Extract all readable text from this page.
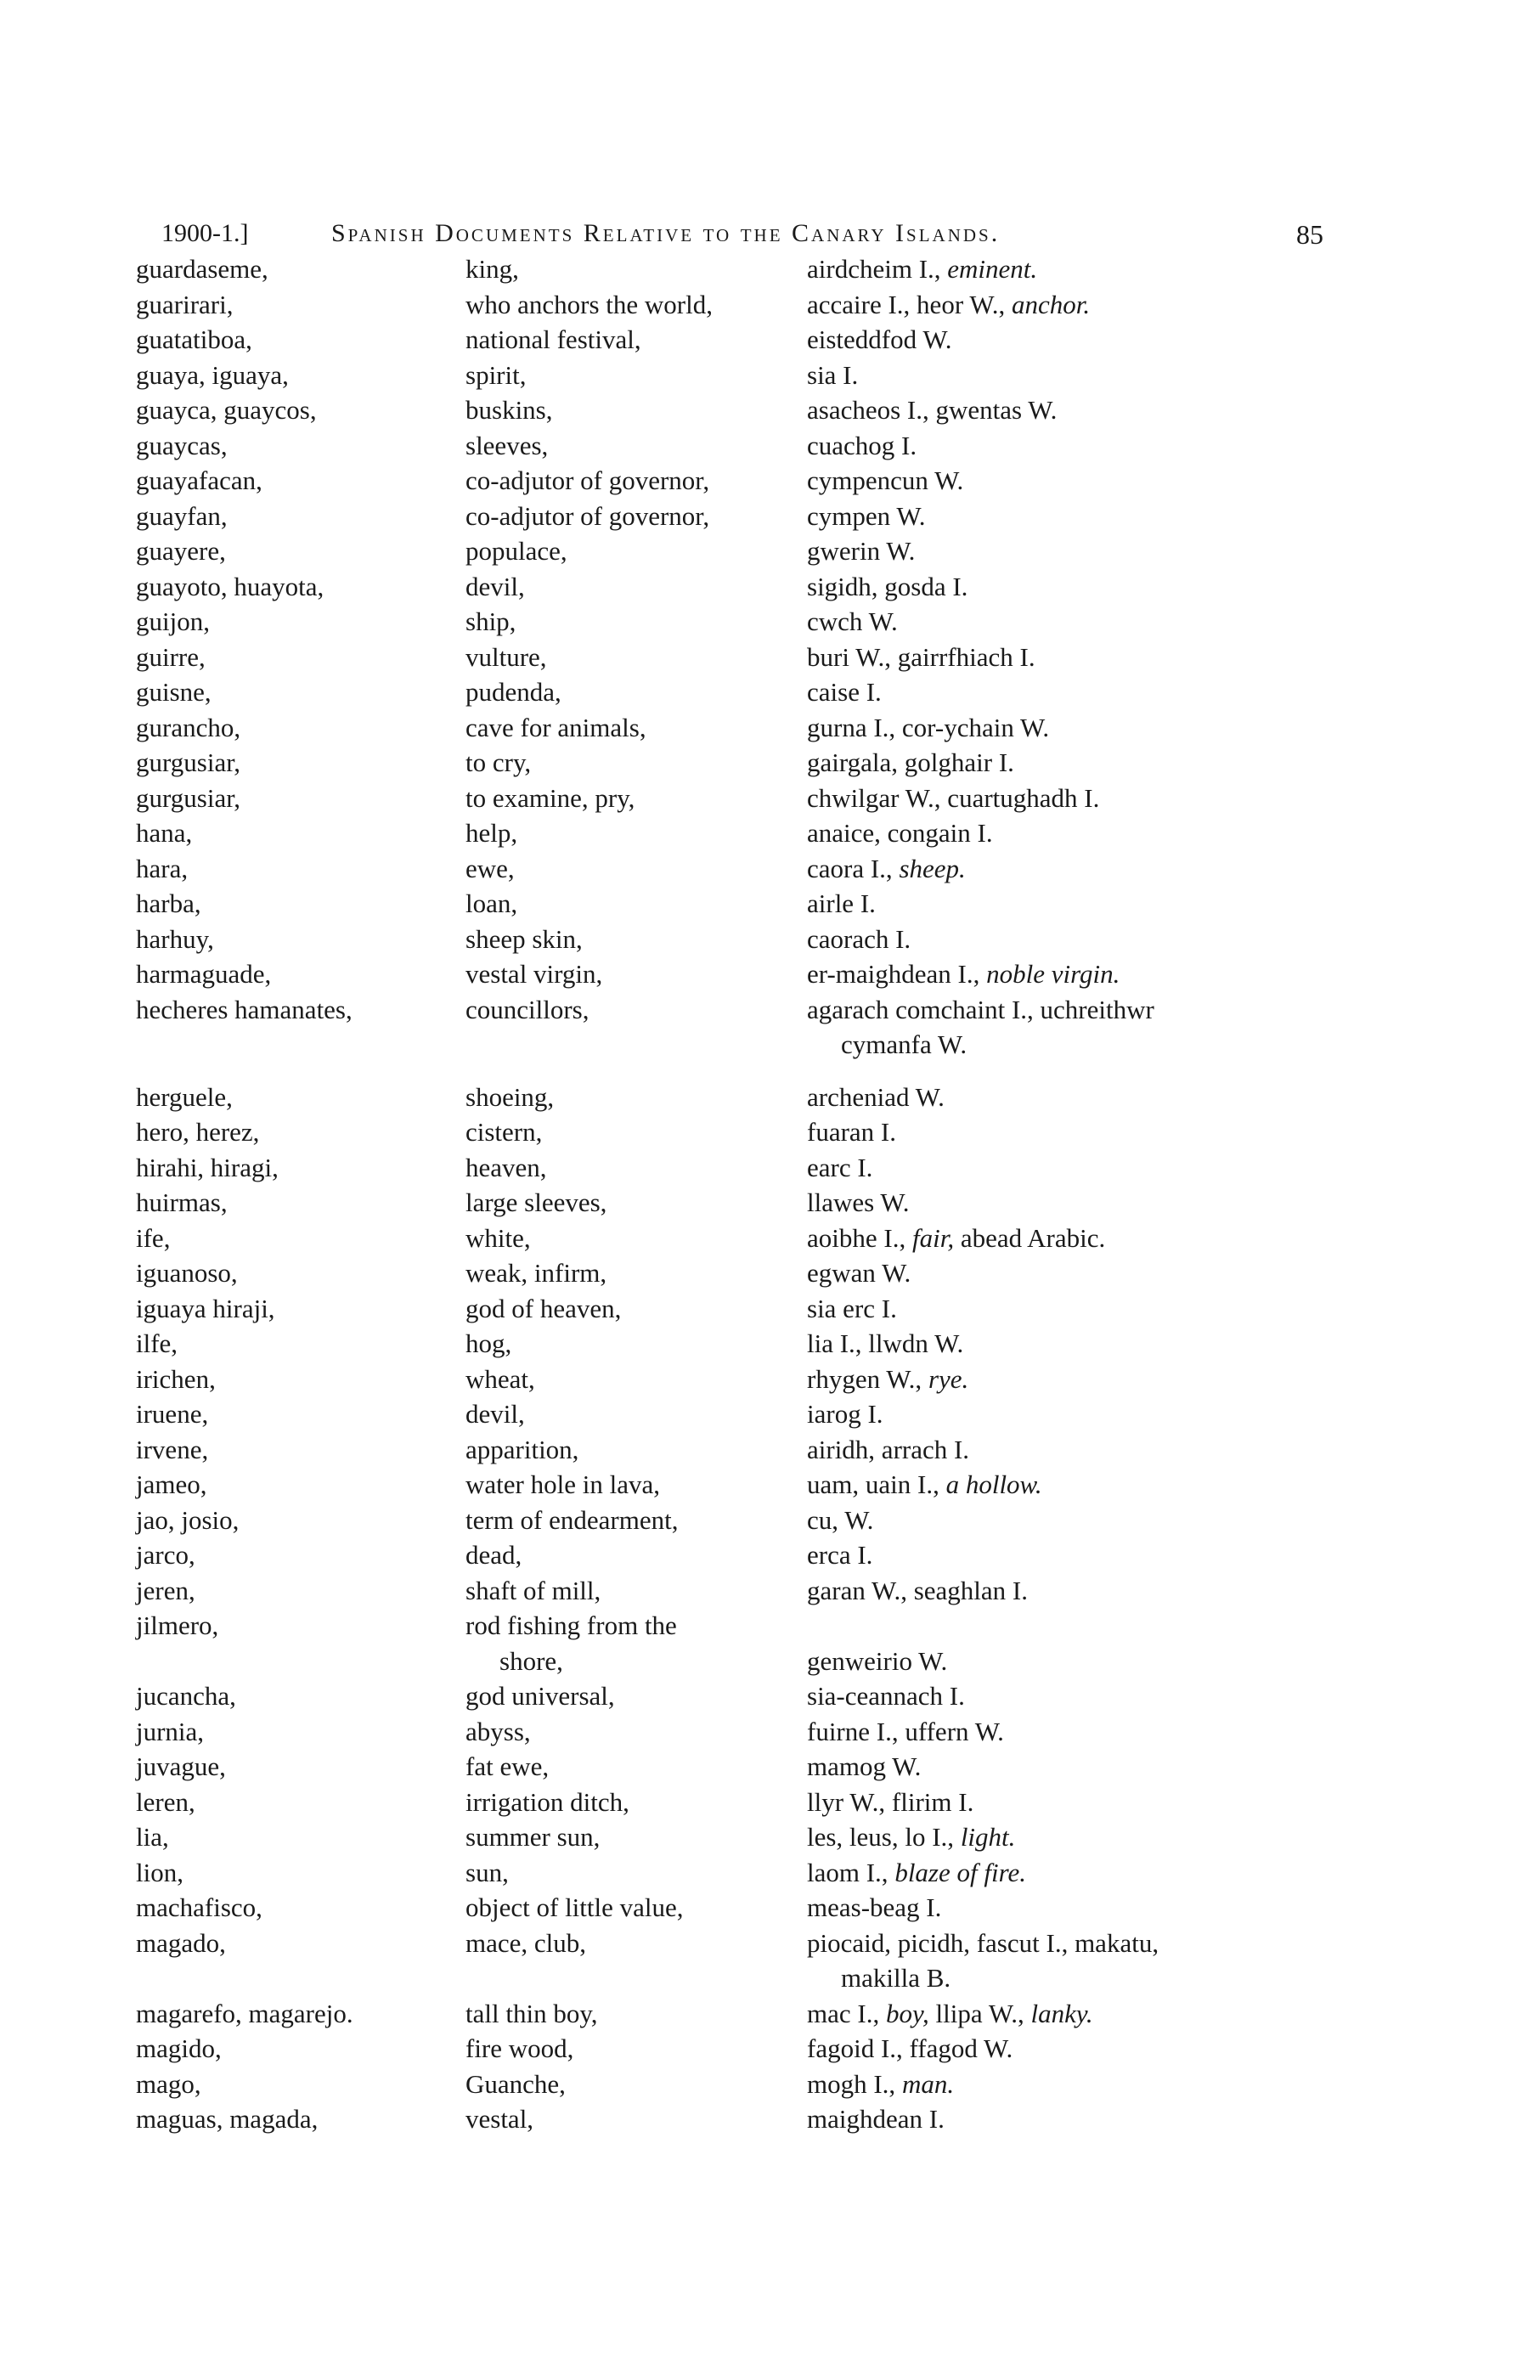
1900-1.]	Spanish Documents Relative to the Canary Islands.	85
guardaseme,	king,	airdcheim I., eminent.
guarirari,	who anchors the world,	accaire I., heor W., anchor.
guatatiboa,	national festival,	eisteddfod W.
guaya, iguaya,	spirit,	sia I.
guayca, guaycos,	buskins,	asacheos I., gwentas W.
guaycas,	sleeves,	cuachog I.
guayafacan,	co-adjutor of governor,	cympencun W.
guayfan,	co-adjutor of governor,	cympen W.
guayere,	populace,	gwerin W.
guayoto, huayota,	devil,	sigidh, gosda I.
guijon,	ship,	cwch W.
guirre,	vulture,	buri W., gairrfhiach I.
guisne,	pudenda,	caise I.
gurancho,	cave for animals,	gurna I., cor-ychain W.
gurgusiar,	to cry,	gairgala, golghair I.
gurgusiar,	to examine, pry,	chwilgar W., cuartughadh I.
hana,	help,	anaice, congain I.
hara,	ewe,	caora I., sheep.
harba,	loan,	airle I.
harhuy,	sheep skin,	caorach I.
harmaguade,	vestal virgin,	er-maighdean I., noble virgin.
hecheres hamanates,	councillors,	agarach comchaint I., uchreithwr
cymanfa W.
herguele,	shoeing,	archeniad W.
hero, herez,	cistern,	fuaran I.
hirahi, hiragi,	heaven,	earc I.
huirmas,	large sleeves,	llawes W.
ife,	white,	aoibhe I., fair, abead Arabic.
iguanoso,	weak, infirm,	egwan W.
iguaya hiraji,	god of heaven,	sia erc I.
ilfe,	hog,	lia I., llwdn W.
irichen,	wheat,	rhygen W., rye.
iruene,	devil,	iarog I.
irvene,	apparition,	airidh, arrach I.
jameo,	water hole in lava,	uam, uain I., a hollow.
jao, josio,	term of endearment,	cu, W.
jarco,	dead,	erca I.
jeren,	shaft of mill,	garan W., seaghlan I.
jilmero,	rod fishing from the
shore,
	genweirio W.
jucancha,	god universal,	sia-ceannach I.
jurnia,	abyss,	fuirne I., uffern W.
juvague,	fat ewe,	mamog W.
leren,	irrigation ditch,	llyr W., flirim I.
lia,	summer sun,	les, leus, lo I., light.
lion,	sun,	laom I., blaze of fire.
machafisco,	object of little value,	meas-beag I.
magado,	mace, club,	piocaid, picidh, fascut I., makatu,
makilla B.
magarefo, magarejo.	tall thin boy,	mac I., boy, llipa W., lanky.
magido,	fire wood,	fagoid I., ffagod W.
mago,	Guanche,	mogh I., man.
maguas, magada,	vestal,	maighdean I.
